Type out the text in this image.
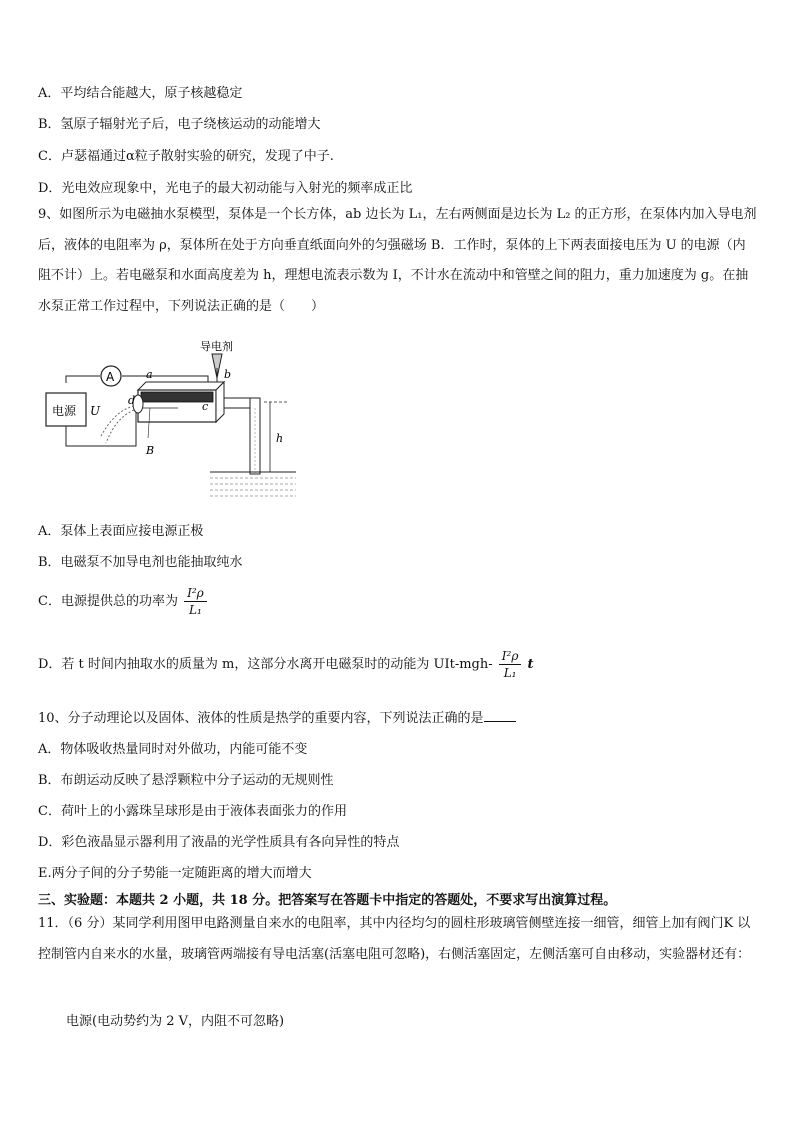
A．平均结合能越大，原子核越稳定
B．氢原子辐射光子后，电子绕核运动的动能增大
C．卢瑟福通过α粒子散射实验的研究，发现了中子.
D．光电效应现象中，光电子的最大初动能与入射光的频率成正比
9、如图所示为电磁抽水泵模型，泵体是一个长方体，ab 边长为 L₁，左右两侧面是边长为 L₂ 的正方形，在泵体内加入导电剂后，液体的电阻率为 ρ，泵体所在处于方向垂直纸面向外的匀强磁场 B．工作时，泵体的上下两表面接电压为 U 的电源（内阻不计）上。若电磁泵和水面高度差为 h，理想电流表示数为 I，不计水在流动中和管壁之间的阻力，重力加速度为 g。在抽水泵正常工作过程中，下列说法正确的是（　　）
电源 U
A	a	b
c
d
B
导电剂
h
A．泵体上表面应接电源正极
B．电磁泵不加导电剂也能抽取纯水
C．电源提供总的功率为 $\frac{\text{I²ρ}}{\text{L₁}}$
D．若 t 时间内抽取水的质量为 m，这部分水离开电磁泵时的动能为 $UIt-mgh- \frac{\text{I²ρ}}{\text{L₁}}$ t
10、分子动理论以及固体、液体的性质是热学的重要内容，下列说法正确的是
A．物体吸收热量同时对外做功，内能可能不变
B．布朗运动反映了悬浮颗粒中分子运动的无规则性
C．荷叶上的小露珠呈球形是由于液体表面张力的作用
D．彩色液晶显示器利用了液晶的光学性质具有各向异性的特点
E.两分子间的分子势能一定随距离的增大而增大
三、实验题：本题共 2 小题，共 18 分。把答案写在答题卡中指定的答题处，不要求写出演算过程。
11．（6 分）某同学利用图甲电路测量自来水的电阻率，其中内径均匀的圆柱形玻璃管侧壁连接一细管，细管上加有阀门K 以控制管内自来水的水量，玻璃管两端接有导电活塞(活塞电阻可忽略)，右侧活塞固定，左侧活塞可自由移动，实验器材还有：
电源(电动势约为 2 V，内阻不可忽略)
